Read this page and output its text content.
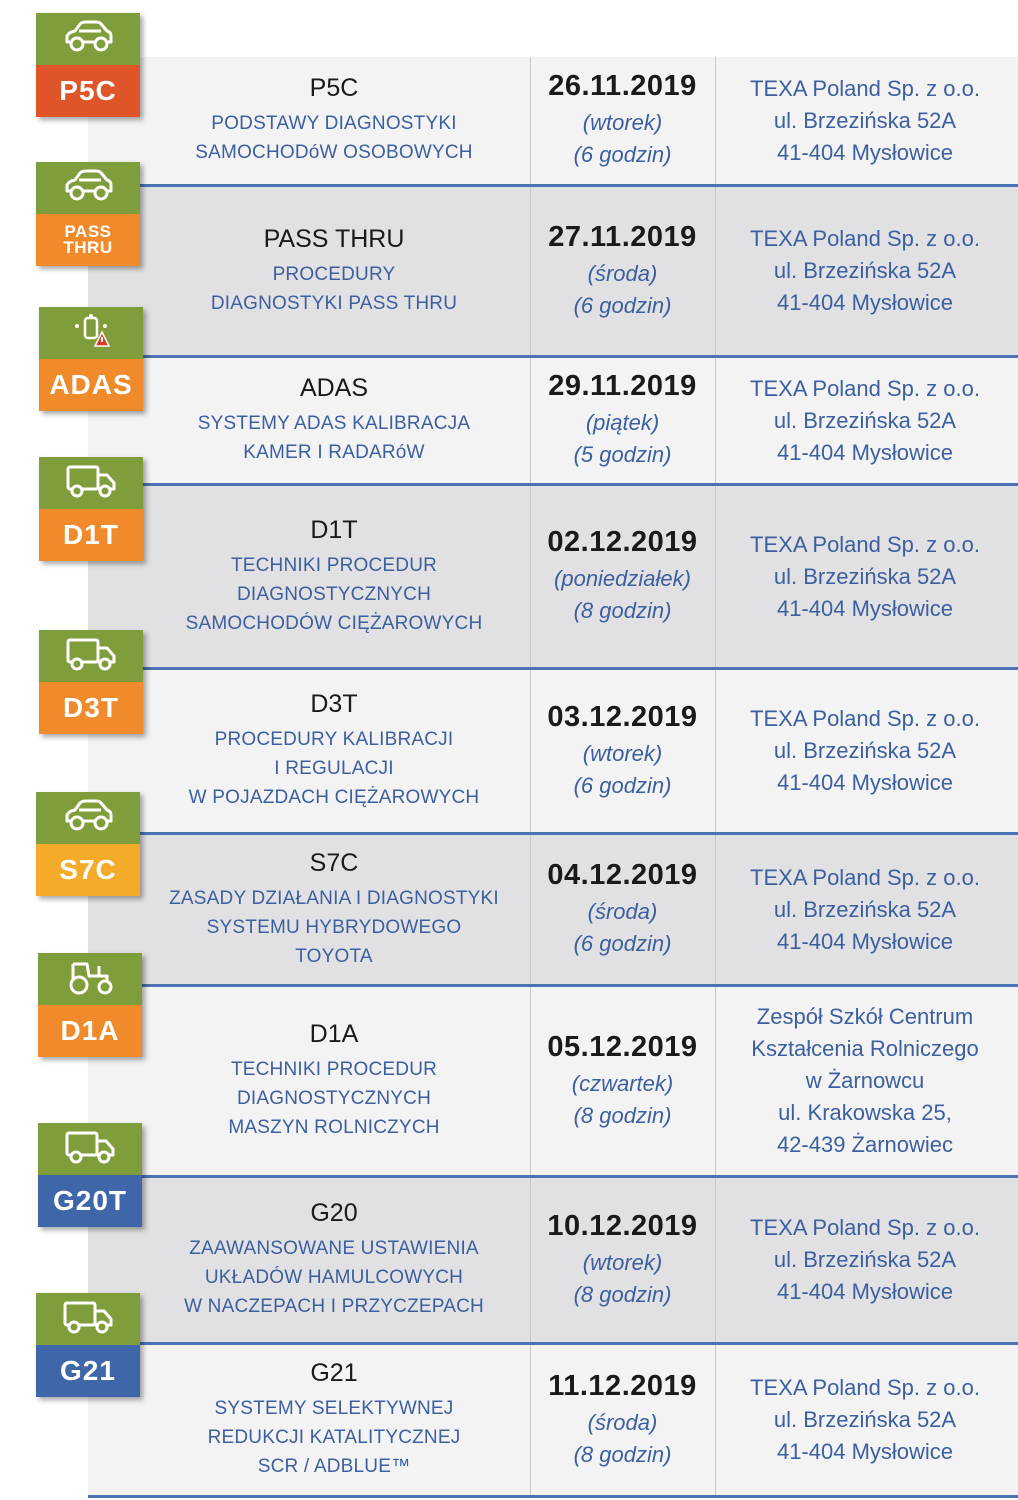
P5C
PODSTAWY DIAGNOSTYKI
SAMOCHODóW OSOBOWYCH
26.11.2019
(wtorek)
(6 godzin)
TEXA Poland Sp. z o.o.
ul. Brzezińska 52A
41-404 Mysłowice
P5C
PASS THRU
PROCEDURY
DIAGNOSTYKI PASS THRU
27.11.2019
(środa)
(6 godzin)
TEXA Poland Sp. z o.o.
ul. Brzezińska 52A
41-404 Mysłowice
PASS
THRU
ADAS
SYSTEMY ADAS KALIBRACJA
KAMER I RADARóW
29.11.2019
(piątek)
(5 godzin)
TEXA Poland Sp. z o.o.
ul. Brzezińska 52A
41-404 Mysłowice
ADAS
D1T
TECHNIKI PROCEDUR
DIAGNOSTYCZNYCH
SAMOCHODÓW CIĘŻAROWYCH
02.12.2019
(poniedziałek)
(8 godzin)
TEXA Poland Sp. z o.o.
ul. Brzezińska 52A
41-404 Mysłowice
D1T
D3T
PROCEDURY KALIBRACJI
I REGULACJI
W POJAZDACH CIĘŻAROWYCH
03.12.2019
(wtorek)
(6 godzin)
TEXA Poland Sp. z o.o.
ul. Brzezińska 52A
41-404 Mysłowice
D3T
S7C
ZASADY DZIAŁANIA I DIAGNOSTYKI
SYSTEMU HYBRYDOWEGO
TOYOTA
04.12.2019
(środa)
(6 godzin)
TEXA Poland Sp. z o.o.
ul. Brzezińska 52A
41-404 Mysłowice
S7C
D1A
TECHNIKI PROCEDUR DIAGNOSTYCZNYCH
MASZYN ROLNICZYCH
05.12.2019
(czwartek)
(8 godzin)
Zespół Szkół Centrum
Kształcenia Rolniczego
w Żarnowcu
ul. Krakowska 25,
42-439 Żarnowiec
D1A
G20
ZAAWANSOWANE USTAWIENIA
UKŁADÓW HAMULCOWYCH
W NACZEPACH I PRZYCZEPACH
10.12.2019
(wtorek)
(8 godzin)
TEXA Poland Sp. z o.o.
ul. Brzezińska 52A
41-404 Mysłowice
G20T
G21
SYSTEMY SELEKTYWNEJ
REDUKCJI KATALITYCZNEJ
SCR / ADBLUE™
11.12.2019
(środa)
(8 godzin)
TEXA Poland Sp. z o.o.
ul. Brzezińska 52A
41-404 Mysłowice
G21
